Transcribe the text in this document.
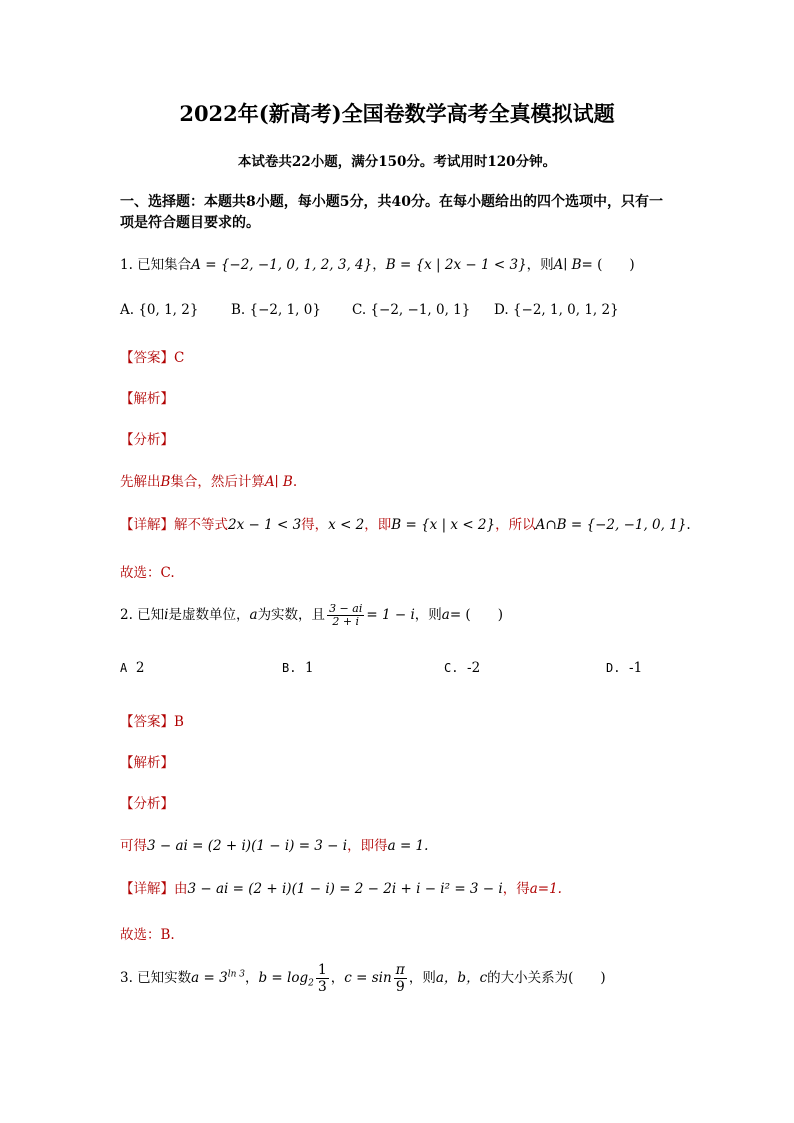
2022年(新高考)全国卷数学高考全真模拟试题
本试卷共22小题，满分150分。考试用时120分钟。
一、选择题：本题共8小题，每小题5分，共40分。在每小题给出的四个选项中，只有一
项是符合题目要求的。
1. 已知集合A = {−2, −1, 0, 1, 2, 3, 4}，B = {x | 2x − 1 < 3}，则A∣ B= (　　)
A. {0, 1, 2} B. {−2, 1, 0} C. {−2, −1, 0, 1} D. {−2, 1, 0, 1, 2}
【答案】C
【解析】
【分析】
先解出B集合，然后计算A∣ B.
【详解】解不等式2x − 1 < 3得，x < 2，即B = {x | x < 2}，所以A∩B = {−2, −1, 0, 1}.
故选：C.
2. 已知i是虚数单位，a为实数，且 $\frac{3 - ai}{2 + i} = 1 - i$，则a= (　　)
A 2	B. 1	C. -2	D. -1
【答案】B
【解析】
【分析】
可得3 − ai = (2 + i)(1 − i) = 3 − i，即得a = 1.
【详解】由3 − ai = (2 + i)(1 − i) = 2 − 2i + i − i² = 3 − i，得a=1.
故选：B.
3. 已知实数$a = 3^{ln 3}$，$b = \log_2 \frac{1}{3}$ ，$c = \sin \frac{\pi}{9}$ ，则a，b，c的大小关系为(　　)
